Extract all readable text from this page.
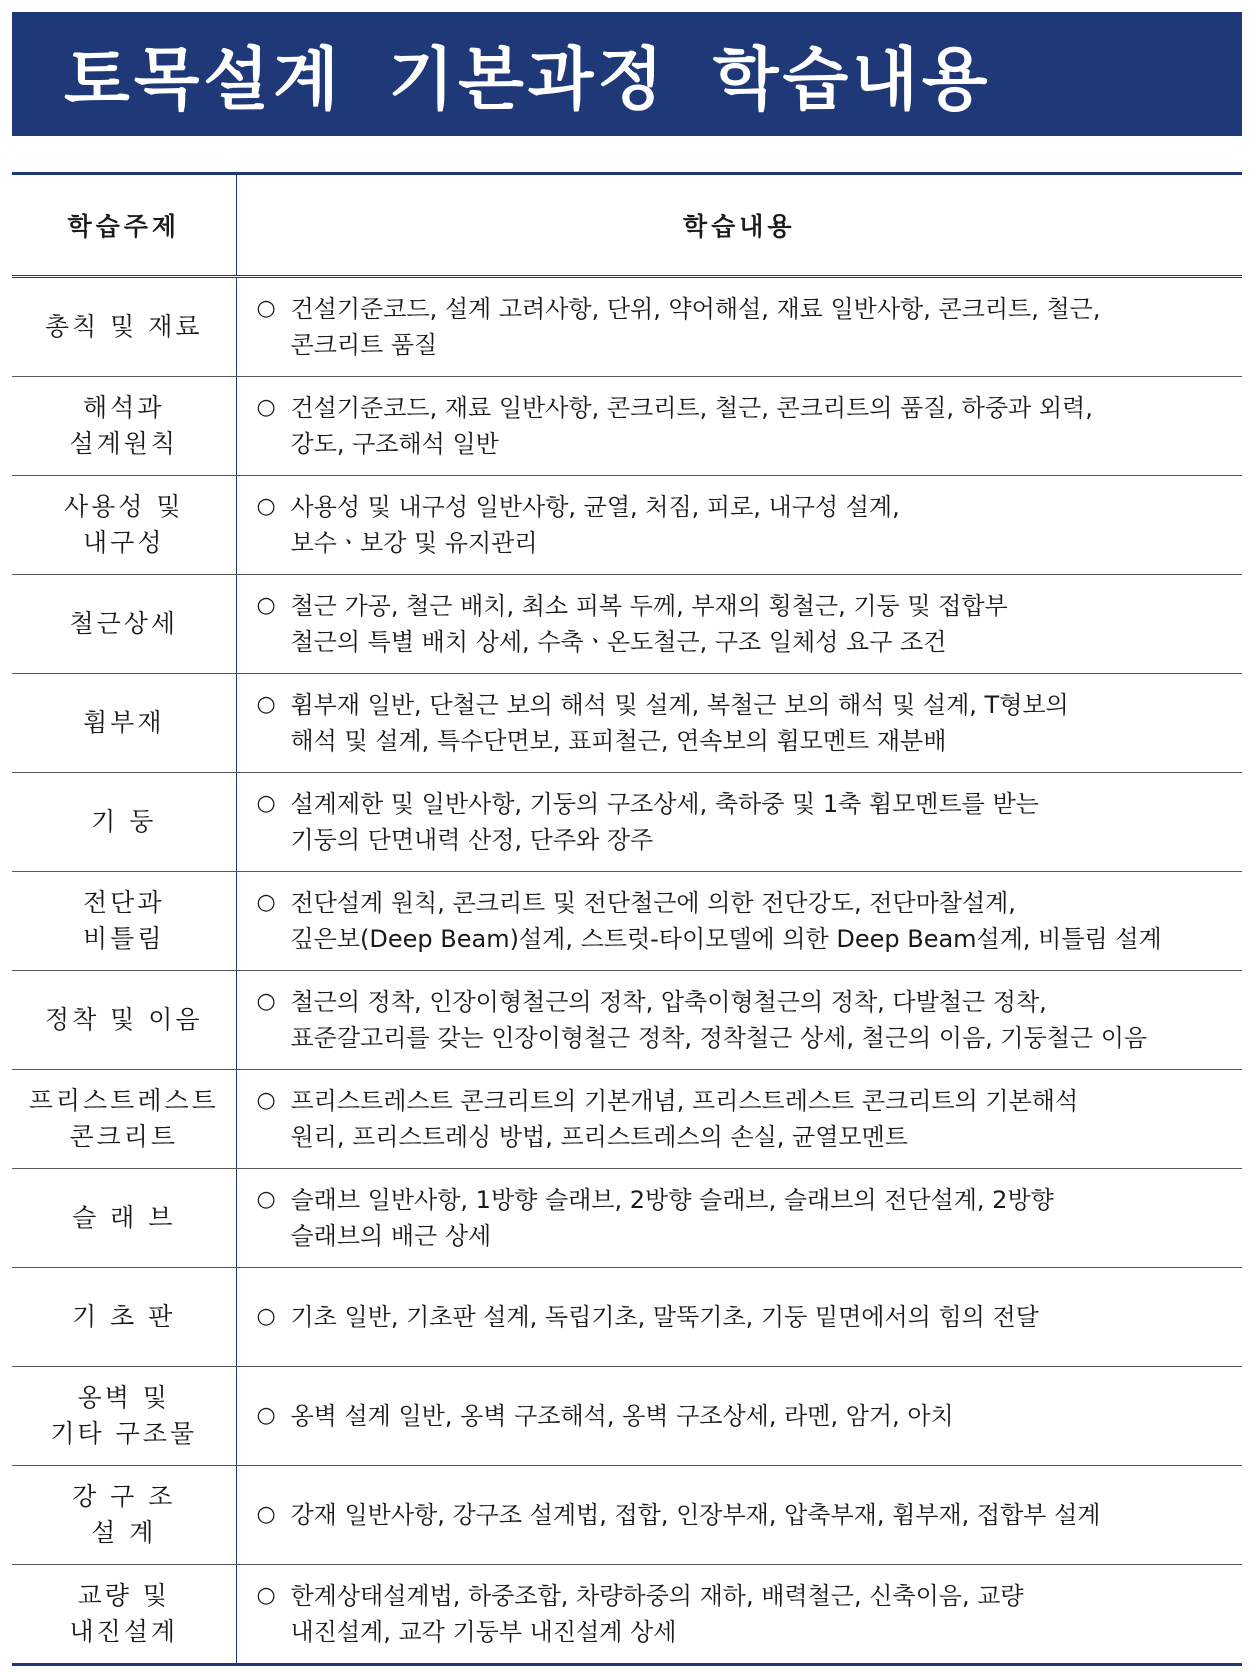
토목설계 기본과정 학습내용
학습주제	학습내용
총칙 및 재료	○ 건설기준코드, 설계 고려사항, 단위, 약어해설, 재료 일반사항, 콘크리트, 철근,
콘크리트 품질

해석과
설계원칙	○ 건설기준코드, 재료 일반사항, 콘크리트, 철근, 콘크리트의 품질, 하중과 외력,
강도, 구조해석 일반

사용성 및
내구성	○ 사용성 및 내구성 일반사항, 균열, 처짐, 피로, 내구성 설계,
보수ㆍ보강 및 유지관리

철근상세	○ 철근 가공, 철근 배치, 최소 피복 두께, 부재의 횡철근, 기둥 및 접합부
철근의 특별 배치 상세, 수축ㆍ온도철근, 구조 일체성 요구 조건

휨부재	○ 휨부재 일반, 단철근 보의 해석 및 설계, 복철근 보의 해석 및 설계, T형보의
해석 및 설계, 특수단면보, 표피철근, 연속보의 휨모멘트 재분배

기 둥	○ 설계제한 및 일반사항, 기둥의 구조상세, 축하중 및 1축 휨모멘트를 받는
기둥의 단면내력 산정, 단주와 장주

전단과
비틀림	○ 전단설계 원칙, 콘크리트 및 전단철근에 의한 전단강도, 전단마찰설계,
깊은보(Deep Beam)설계, 스트럿-타이모델에 의한 Deep Beam설계, 비틀림 설계

정착 및 이음	○ 철근의 정착, 인장이형철근의 정착, 압축이형철근의 정착, 다발철근 정착,
표준갈고리를 갖는 인장이형철근 정착, 정착철근 상세, 철근의 이음, 기둥철근 이음

프리스트레스트
콘크리트	○ 프리스트레스트 콘크리트의 기본개념, 프리스트레스트 콘크리트의 기본해석
원리, 프리스트레싱 방법, 프리스트레스의 손실, 균열모멘트

슬 래 브	○ 슬래브 일반사항, 1방향 슬래브, 2방향 슬래브, 슬래브의 전단설계, 2방향
슬래브의 배근 상세

기 초 판	○ 기초 일반, 기초판 설계, 독립기초, 말뚝기초, 기둥 밑면에서의 힘의 전달

옹벽 및
기타 구조물	○ 옹벽 설계 일반, 옹벽 구조해석, 옹벽 구조상세, 라멘, 암거, 아치

강 구 조
설 계	○ 강재 일반사항, 강구조 설계법, 접합, 인장부재, 압축부재, 휨부재, 접합부 설계

교량 및
내진설계	○ 한계상태설계법, 하중조합, 차량하중의 재하, 배력철근, 신축이음, 교량
내진설계, 교각 기둥부 내진설계 상세
